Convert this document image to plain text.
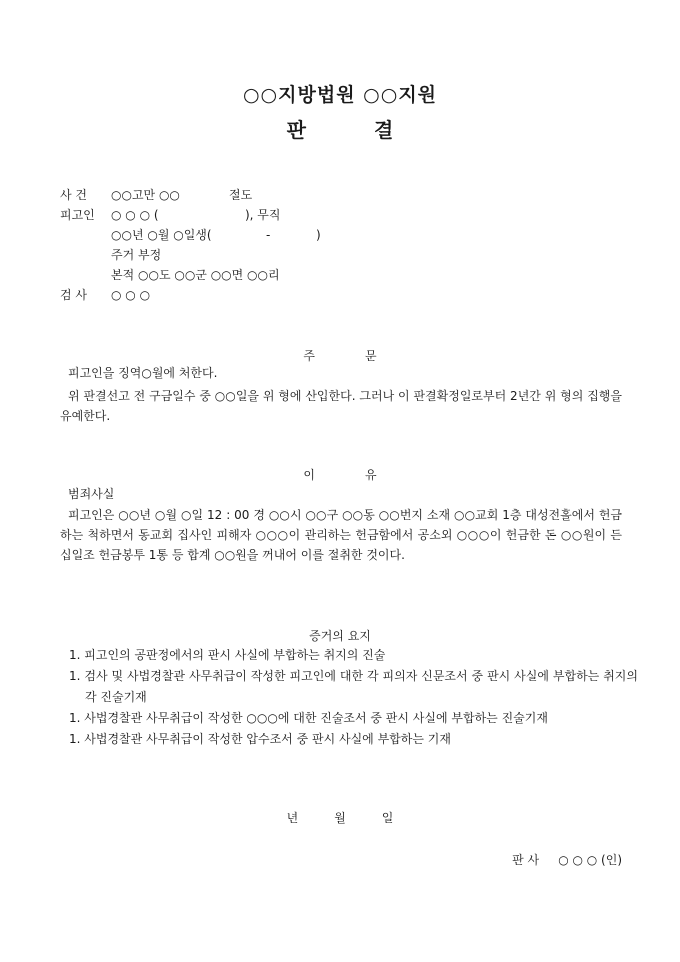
○○지방법원 ○○지원
판	결
사 건 ○○고만 ○○	절도
피고인 ○ ○ ○ (	), 무직
○○년 ○월 ○일생(	-	)
주거 부정
본적 ○○도 ○○군 ○○면 ○○리
검 사 ○ ○ ○
주	문

피고인을 징역○월에 처한다.

위 판결선고 전 구금일수 중 ○○일을 위 형에 산입한다. 그러나 이 판결확정일로부터 2년간 위 형의 집행을 유예한다.

이	유

범죄사실

피고인은 ○○년 ○월 ○일 12 : 00 경 ○○시 ○○구 ○○동 ○○번지 소재 ○○교회 1층 대성전홀에서 헌금하는 척하면서 동교회 집사인 피해자 ○○○이 관리하는 헌금함에서 공소외 ○○○이 헌금한 돈 ○○원이 든 십일조 헌금봉투 1통 등 합계 ○○원을 꺼내어 이를 절취한 것이다.

증거의 요지

1. 피고인의 공판정에서의 판시 사실에 부합하는 취지의 진술

1. 검사 및 사법경찰관 사무취급이 작성한 피고인에 대한 각 피의자 신문조서 중 판시 사실에 부합하는 취지의 각 진술기재

1. 사법경찰관 사무취급이 작성한 ○○○에 대한 진술조서 중 판시 사실에 부합하는 진술기재

1. 사법경찰관 사무취급이 작성한 압수조서 중 판시 사실에 부합하는 기재

년	월	일
판 사 ○ ○ ○ (인)
